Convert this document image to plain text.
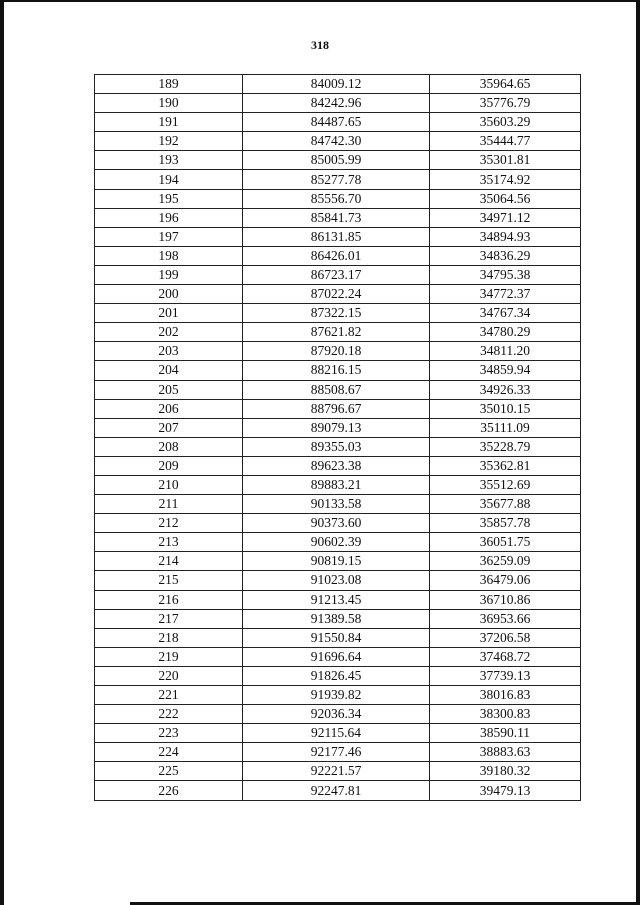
318
189	84009.12	35964.65
190	84242.96	35776.79
191	84487.65	35603.29
192	84742.30	35444.77
193	85005.99	35301.81
194	85277.78	35174.92
195	85556.70	35064.56
196	85841.73	34971.12
197	86131.85	34894.93
198	86426.01	34836.29
199	86723.17	34795.38
200	87022.24	34772.37
201	87322.15	34767.34
202	87621.82	34780.29
203	87920.18	34811.20
204	88216.15	34859.94
205	88508.67	34926.33
206	88796.67	35010.15
207	89079.13	35111.09
208	89355.03	35228.79
209	89623.38	35362.81
210	89883.21	35512.69
211	90133.58	35677.88
212	90373.60	35857.78
213	90602.39	36051.75
214	90819.15	36259.09
215	91023.08	36479.06
216	91213.45	36710.86
217	91389.58	36953.66
218	91550.84	37206.58
219	91696.64	37468.72
220	91826.45	37739.13
221	91939.82	38016.83
222	92036.34	38300.83
223	92115.64	38590.11
224	92177.46	38883.63
225	92221.57	39180.32
226	92247.81	39479.13
